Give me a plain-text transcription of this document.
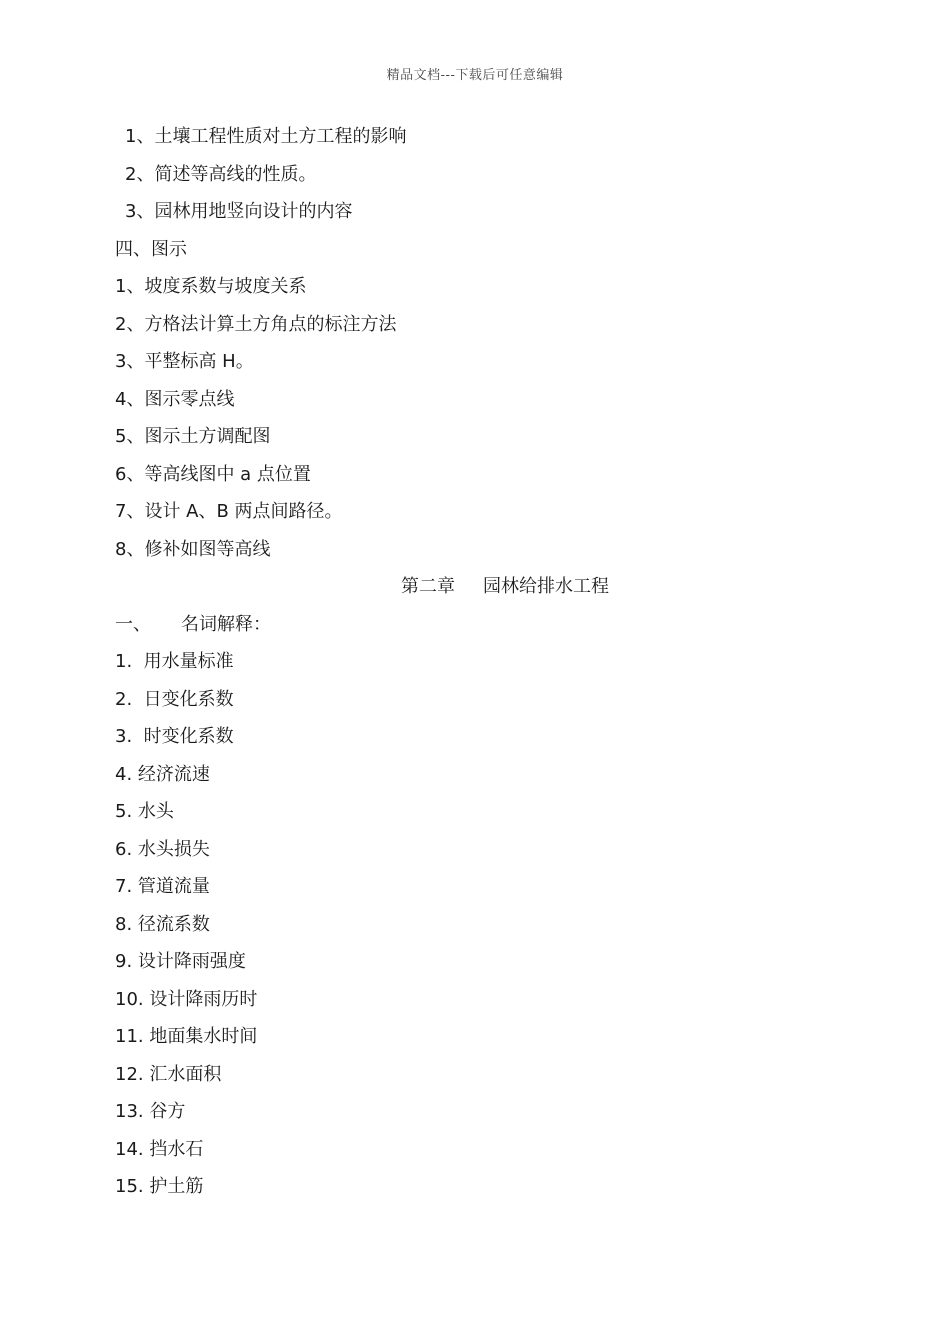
精品文档---下载后可任意编辑
1、土壤工程性质对土方工程的影响
2、简述等高线的性质。
3、园林用地竖向设计的内容
四、图示
1、坡度系数与坡度关系
2、方格法计算土方角点的标注方法
3、平整标高 H。
4、图示零点线
5、图示土方调配图
6、等高线图中 a 点位置
7、设计 A、B 两点间路径。
8、修补如图等高线
第二章 园林给排水工程
一、 名词解释：
1.  用水量标准
2.  日变化系数
3.  时变化系数
4. 经济流速
5. 水头
6. 水头损失
7. 管道流量
8. 径流系数
9. 设计降雨强度
10. 设计降雨历时
11. 地面集水时间
12. 汇水面积
13. 谷方
14. 挡水石
15. 护土筋
